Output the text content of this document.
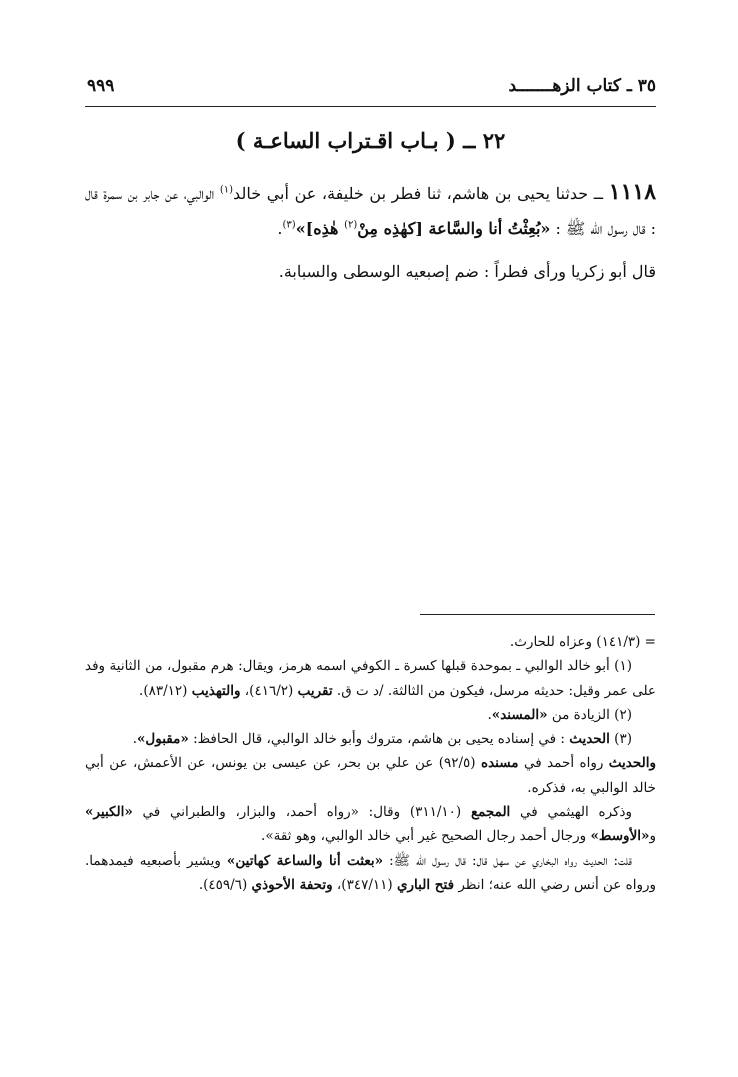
٣٥ ـ كتاب الزهـــــــد
٩٩٩
٢٢ ــ ( بـاب اقـتراب الساعـة )

١١١٨ ــ حدثنا يحيى بن هاشم، ثنا فطر بن خليفة، عن أبي خالد$^{(١)}$ الوالبي، عن جابر بن سمرة قال : قال رسول الله ﷺ : «بُعِثْتُ أنا والسَّاعة [كهٰذِه مِنْ$^{(٢)}$ هٰذِه]»$^{(٣)}$.

قال أبو زكريا ورأى فطراً : ضم إصبعيه الوسطى والسبابة.

= (١٤١/٣) وعزاه للحارث.

(١) أبو خالد الوالبي ـ بموحدة قبلها كسرة ـ الكوفي اسمه هرمز، ويقال: هرم مقبول، من الثانية وفد على عمر وقيل: حديثه مرسل، فيكون من الثالثة. /د ت ق. تقريب (٤١٦/٢)، والتهذيب (٨٣/١٢).

(٢) الزيادة من «المسند».

(٣) الحديث : في إسناده يحيى بن هاشم، متروك وأبو خالد الوالبي، قال الحافظ: «مقبول».

والحديث رواه أحمد في مسنده (٩٢/٥) عن علي بن بحر، عن عيسى بن يونس، عن الأعمش، عن أبي خالد الوالبي به، فذكره.

وذكره الهيثمي في المجمع (٣١١/١٠) وقال: «رواه أحمد، والبزار، والطبراني في «الكبير» و«الأوسط» ورجال أحمد رجال الصحيح غير أبي خالد الوالبي، وهو ثقة».

قلت: الحديث رواه البخاري عن سهل قال: قال رسول الله ﷺ: «بعثت أنا والساعة كهاتين» ويشير بأصبعيه فيمدهما. ورواه عن أنس رضي الله عنه؛ انظر فتح الباري (٣٤٧/١١)، وتحفة الأحوذي (٤٥٩/٦).
